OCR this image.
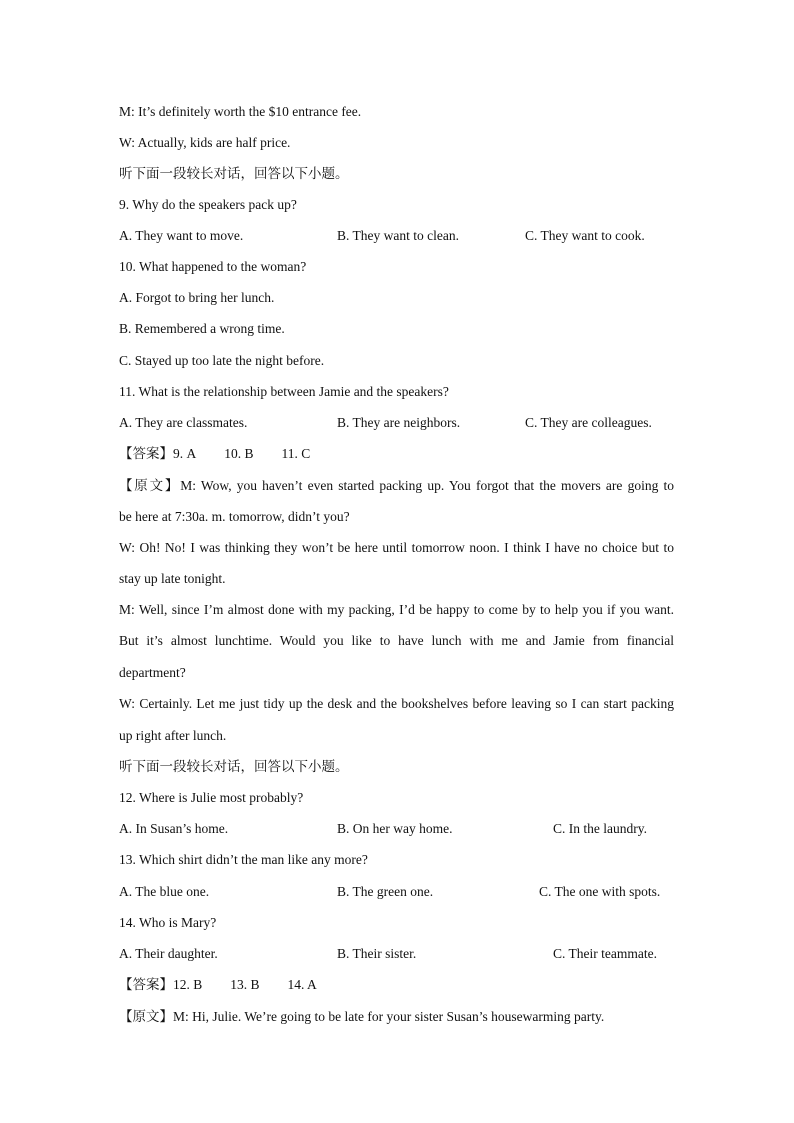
M: It’s definitely worth the $10 entrance fee.
W: Actually, kids are half price.
听下面一段较长对话，回答以下小题。
9. Why do the speakers pack up?
A. They want to move.	B. They want to clean.	C. They want to cook.
10. What happened to the woman?
A. Forgot to bring her lunch.
B. Remembered a wrong time.
C. Stayed up too late the night before.
11. What is the relationship between Jamie and the speakers?
A. They are classmates.	B. They are neighbors.	C. They are colleagues.
【答案】9. A 10. B 11. C
【原文】M: Wow, you haven’t even started packing up. You forgot that the movers are going to
be here at 7:30a. m. tomorrow, didn’t you?
W: Oh! No! I was thinking they won’t be here until tomorrow noon. I think I have no choice but to
stay up late tonight.
M: Well, since I’m almost done with my packing, I’d be happy to come by to help you if you want.
But it’s almost lunchtime. Would you like to have lunch with me and Jamie from financial
department?
W: Certainly. Let me just tidy up the desk and the bookshelves before leaving so I can start packing
up right after lunch.
听下面一段较长对话，回答以下小题。
12. Where is Julie most probably?
A. In Susan’s home.	B. On her way home.	C. In the laundry.
13. Which shirt didn’t the man like any more?
A. The blue one.	B. The green one.	C. The one with spots.
14. Who is Mary?
A. Their daughter.	B. Their sister.	C. Their teammate.
【答案】12. B 13. B 14. A
【原文】M: Hi, Julie. We’re going to be late for your sister Susan’s housewarming party.
